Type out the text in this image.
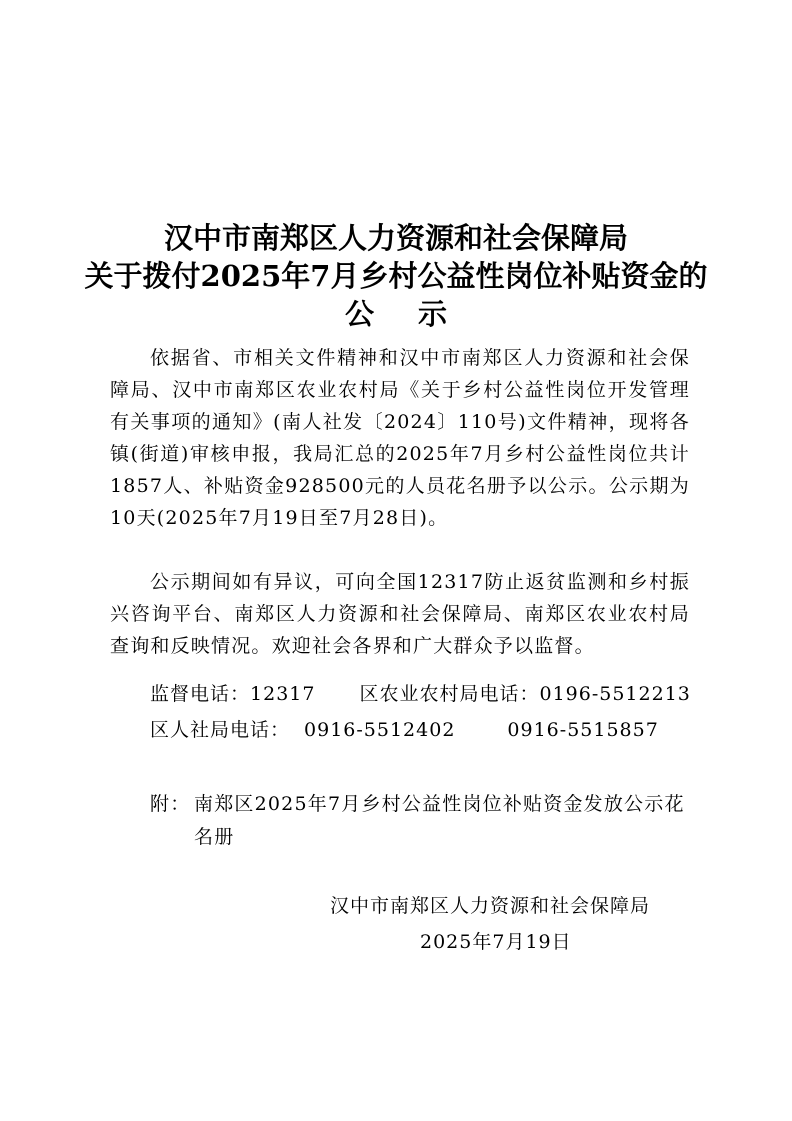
汉中市南郑区人力资源和社会保障局
关于拨付2025年7月乡村公益性岗位补贴资金的
公示

依据省、市相关文件精神和汉中市南郑区人力资源和社会保障局、汉中市南郑区农业农村局《关于乡村公益性岗位开发管理有关事项的通知》(南人社发〔2024〕110号)文件精神，现将各镇(街道)审核申报，我局汇总的2025年7月乡村公益性岗位共计1857人、补贴资金928500元的人员花名册予以公示。公示期为10天(2025年7月19日至7月28日)。

公示期间如有异议，可向全国12317防止返贫监测和乡村振兴咨询平台、南郑区人力资源和社会保障局、南郑区农业农村局查询和反映情况。欢迎社会各界和广大群众予以监督。

监督电话：12317 区农业农村局电话：0196-5512213
区人社局电话： 0916-5512402	0916-5515857
附： 南郑区2025年7月乡村公益性岗位补贴资金发放公示花名册
汉中市南郑区人力资源和社会保障局
2025年7月19日
